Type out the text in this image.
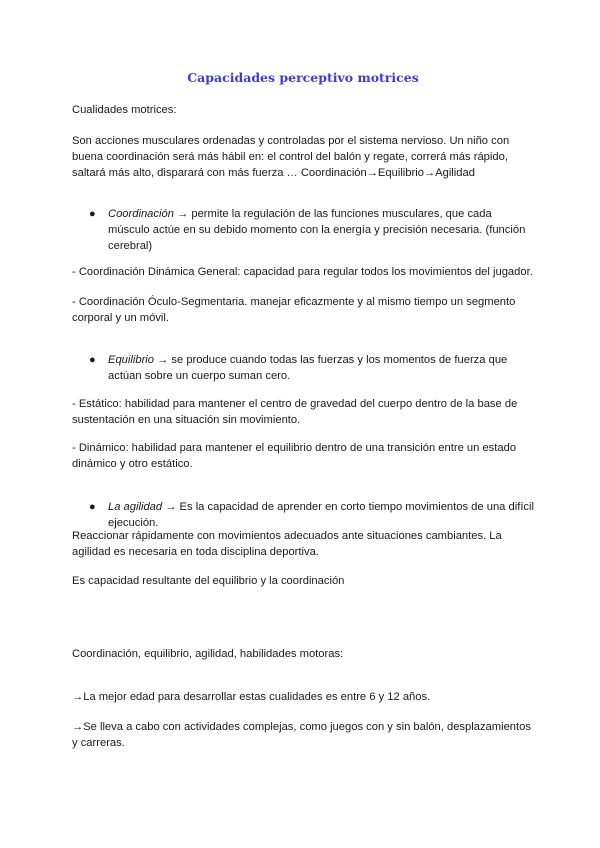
Capacidades perceptivo motrices

Cualidades motrices:

Son acciones musculares ordenadas y controladas por el sistema nervioso. Un niño con buena coordinación será más hábil en: el control del balón y regate, correrá más rápido, saltará más alto, disparará con más fuerza … Coordinación→Equilibrio→Agilidad

● Coordinación → permite la regulación de las funciones musculares, que cada músculo actúe en su debido momento con la energía y precisión necesaria. (función cerebral)

- Coordinación Dinámica General: capacidad para regular todos los movimientos del jugador.

- Coordinación Óculo-Segmentaria. manejar eficazmente y al mismo tiempo un segmento corporal y un móvil.

● Equilibrio → se produce cuando todas las fuerzas y los momentos de fuerza que actúan sobre un cuerpo suman cero.

- Estático: habilidad para mantener el centro de gravedad del cuerpo dentro de la base de sustentación en una situación sin movimiento.

- Dinámico: habilidad para mantener el equilibrio dentro de una transición entre un estado dinámico y otro estático.

● La agilidad → Es la capacidad de aprender en corto tiempo movimientos de una difícil ejecución.

Reaccionar rápidamente con movimientos adecuados ante situaciones cambiantes. La agilidad es necesaria en toda disciplina deportiva.

Es capacidad resultante del equilibrio y la coordinación

Coordinación, equilibrio, agilidad, habilidades motoras:

→La mejor edad para desarrollar estas cualidades es entre 6 y 12 años.

→Se lleva a cabo con actividades complejas, como juegos con y sin balón, desplazamientos y carreras.
